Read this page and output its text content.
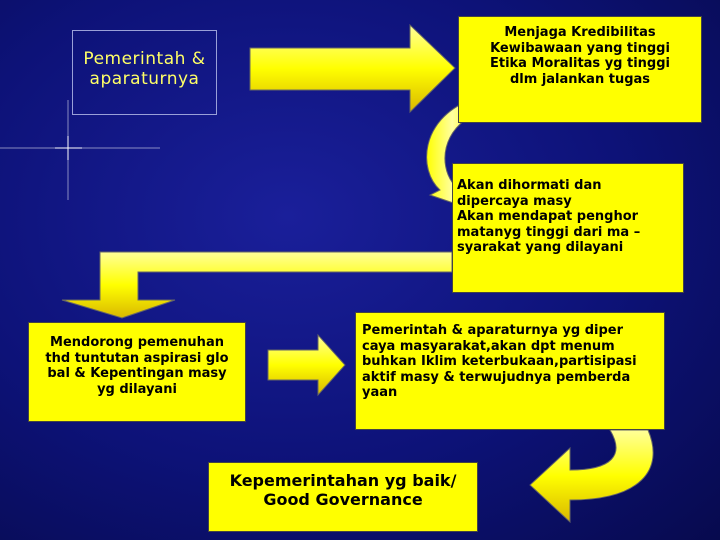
Pemerintah &
aparaturnya
Menjaga Kredibilitas
Kewibawaan yang tinggi
Etika Moralitas yg tinggi
dlm jalankan tugas
Akan dihormati dan
dipercaya masy
Akan mendapat penghor
matanyg tinggi dari ma –
syarakat yang dilayani
Mendorong pemenuhan
thd tuntutan aspirasi glo
bal & Kepentingan masy
yg dilayani
Pemerintah & aparaturnya yg diper
caya masyarakat,akan dpt menum
buhkan Iklim keterbukaan,partisipasi
aktif masy & terwujudnya pemberda
yaan
Kepemerintahan yg baik/
Good Governance
